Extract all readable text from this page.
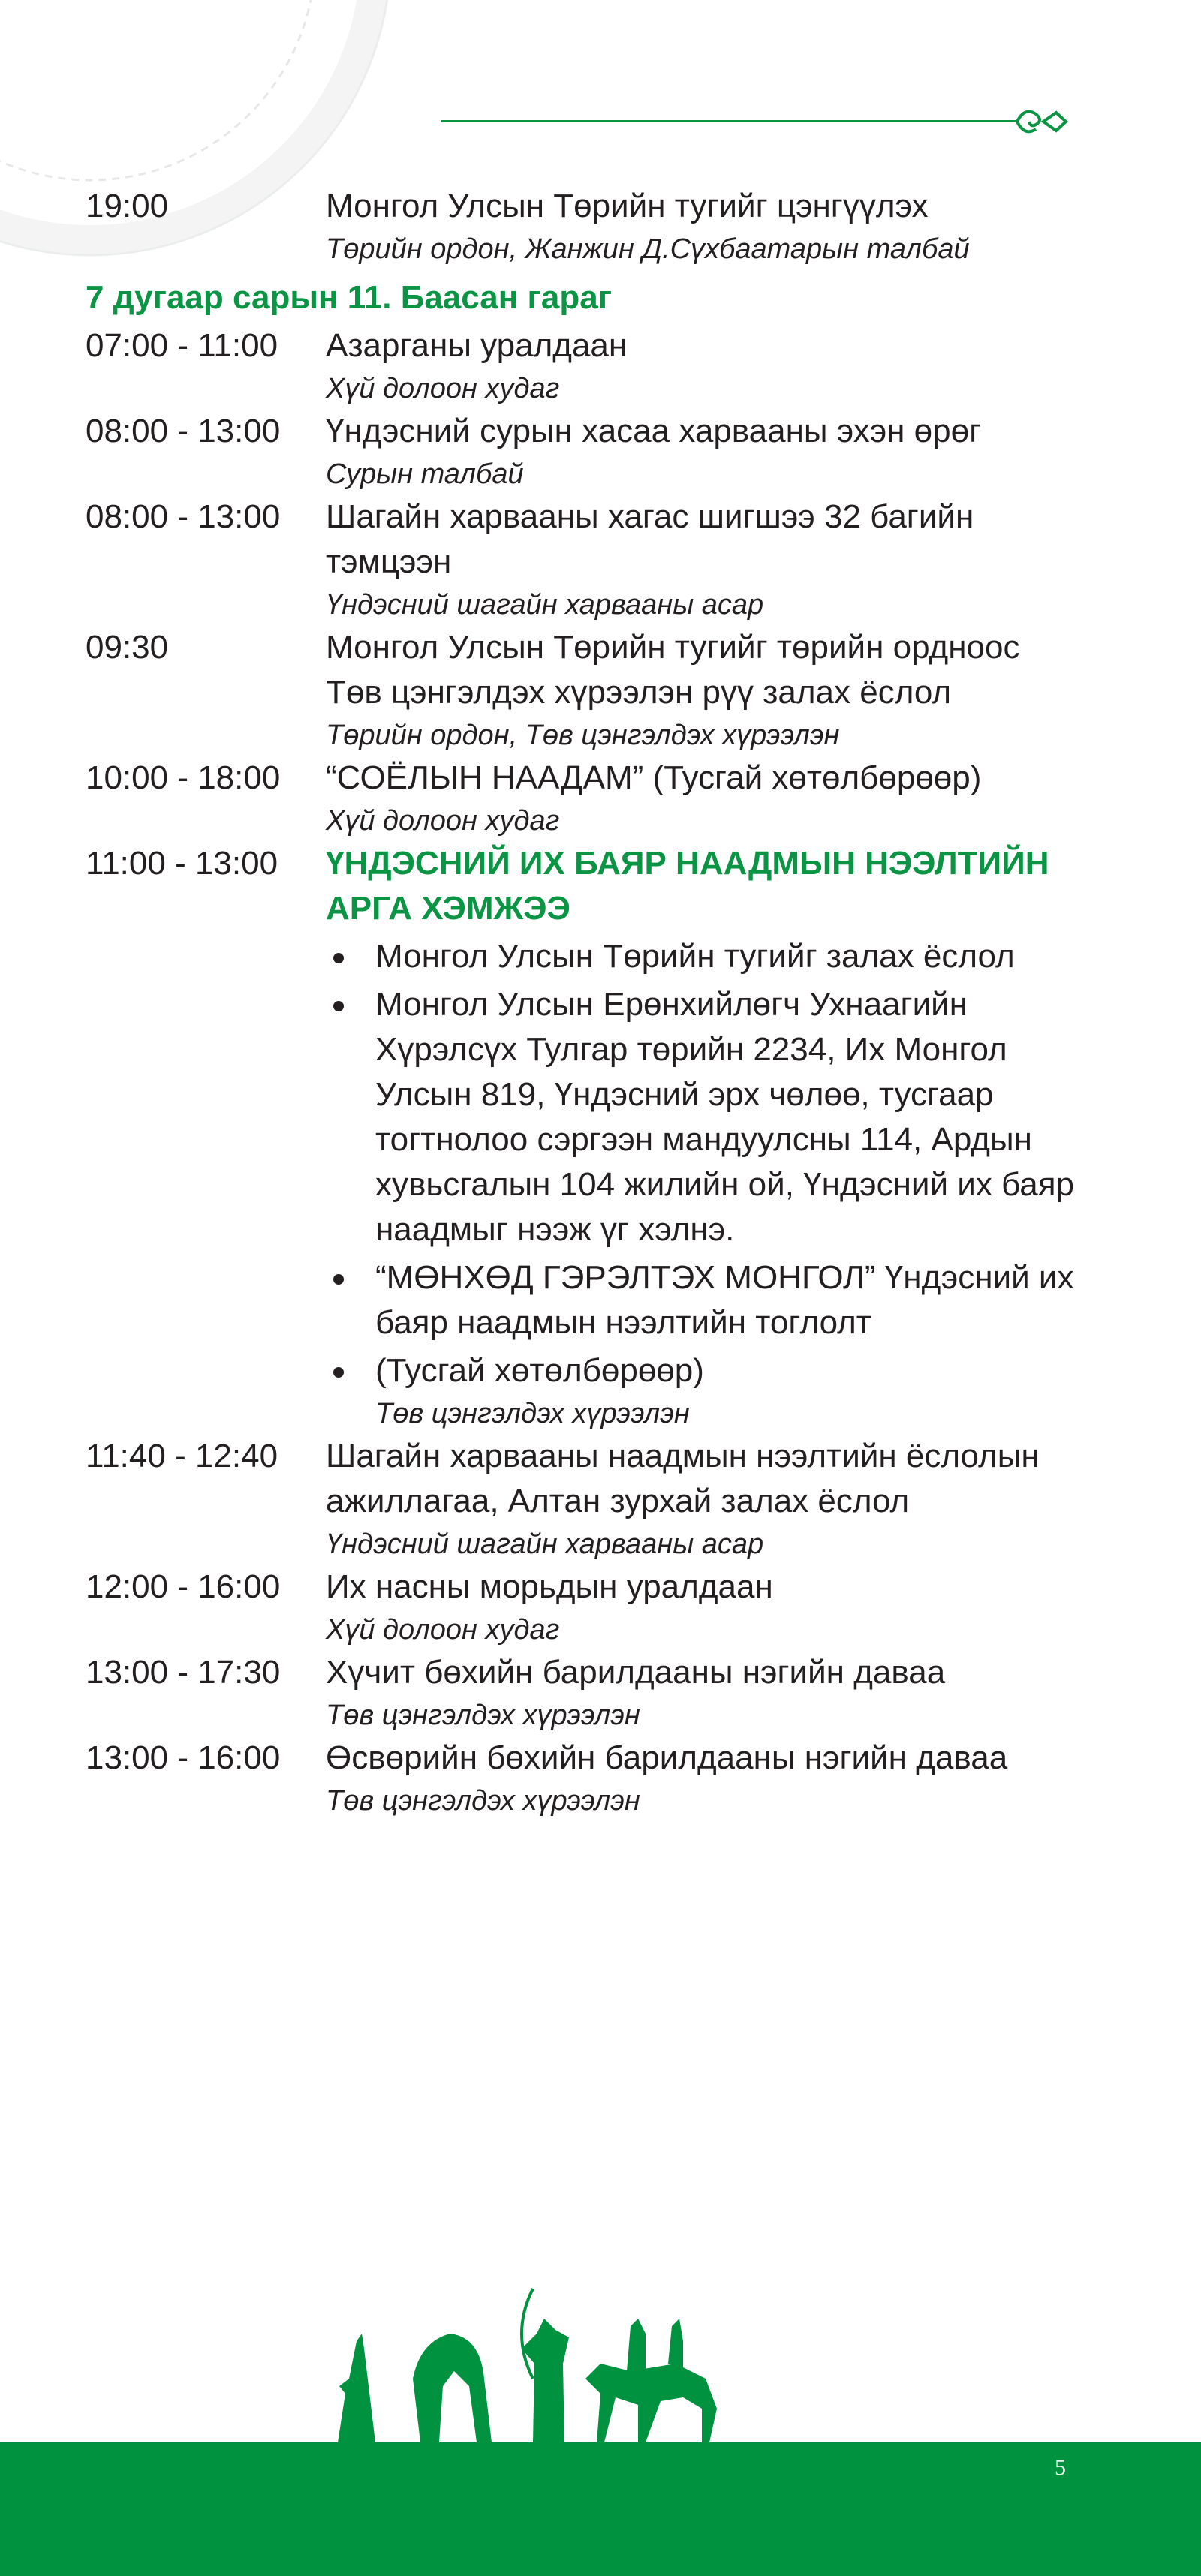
19:00	Монгол Улсын Төрийн тугийг цэнгүүлэх
Төрийн ордон, Жанжин Д.Сүхбаатарын талбай
7 дугаар сарын 11. Баасан гараг
07:00 - 11:00	Азарганы уралдаан
Хүй долоон худаг
08:00 - 13:00	Үндэсний сурын хасаа харвааны эхэн өрөг
Сурын талбай
08:00 - 13:00	Шагайн харвааны хагас шигшээ 32 багийн тэмцээн
Үндэсний шагайн харвааны асар
09:30	Монгол Улсын Төрийн тугийг төрийн ордноос Төв цэнгэлдэх хүрээлэн рүү залах ёслол
Төрийн ордон, Төв цэнгэлдэх хүрээлэн
10:00 - 18:00	“СОЁЛЫН НААДАМ” (Тусгай хөтөлбөрөөр)
Хүй долоон худаг
11:00 - 13:00	ҮНДЭСНИЙ ИХ БАЯР НААДМЫН НЭЭЛТИЙН АРГА ХЭМЖЭЭ
Монгол Улсын Төрийн тугийг залах ёслол
Монгол Улсын Ерөнхийлөгч Ухнаагийн Хүрэлсүх Тулгар төрийн 2234, Их Монгол Улсын 819, Үндэсний эрх чөлөө, тусгаар тогтнолоо сэргээн мандуулсны 114, Ардын хувьсгалын 104 жилийн ой, Үндэсний их баяр наадмыг нээж үг хэлнэ.
“МӨНХӨД ГЭРЭЛТЭХ МОНГОЛ” Үндэсний их баяр наадмын нээлтийн тоглолт
(Тусгай хөтөлбөрөөр)
Төв цэнгэлдэх хүрээлэн
11:40 - 12:40	Шагайн харвааны наадмын нээлтийн ёслолын ажиллагаа, Алтан зурхай залах ёслол
Үндэсний шагайн харвааны асар
12:00 - 16:00	Их насны морьдын уралдаан
Хүй долоон худаг
13:00 - 17:30	Хүчит бөхийн барилдааны нэгийн даваа
Төв цэнгэлдэх хүрээлэн
13:00 - 16:00	Өсвөрийн бөхийн барилдааны нэгийн даваа
Төв цэнгэлдэх хүрээлэн
5
